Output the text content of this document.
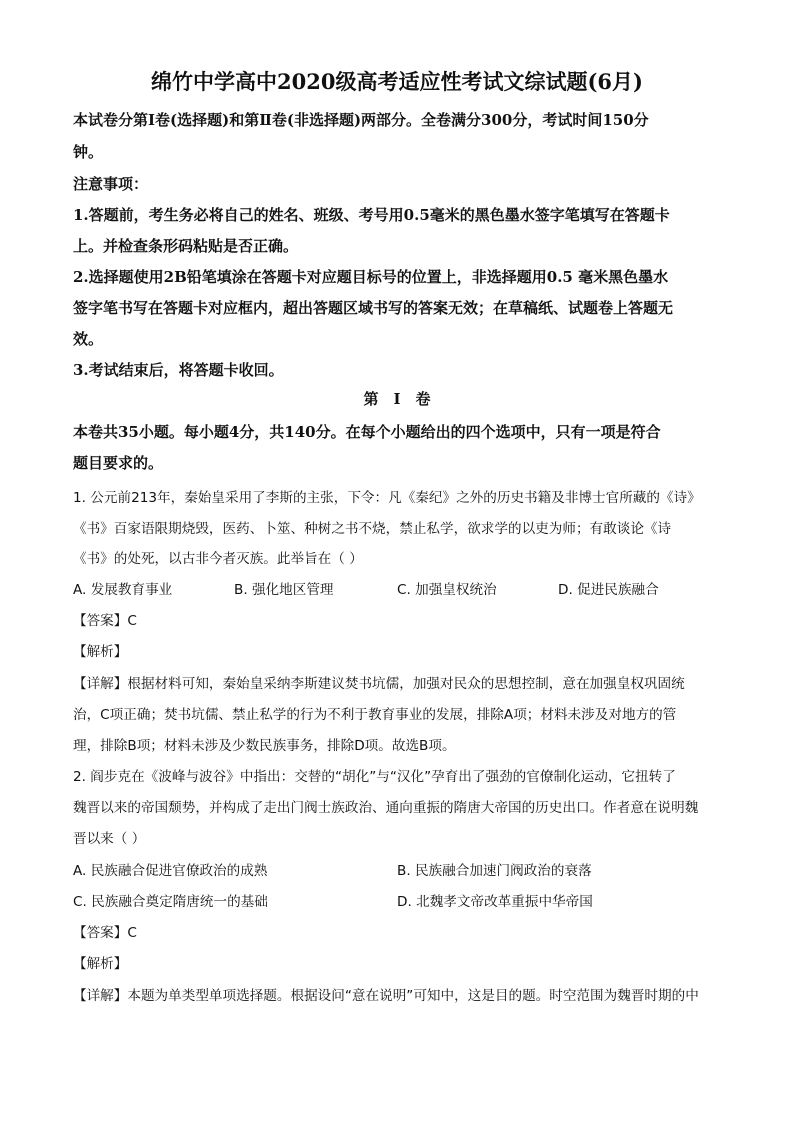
绵竹中学高中2020级高考适应性考试文综试题(6月)
本试卷分第Ⅰ卷(选择题)和第Ⅱ卷(非选择题)两部分。全卷满分300分，考试时间150分
钟。
注意事项：
1.答题前，考生务必将自己的姓名、班级、考号用0.5毫米的黑色墨水签字笔填写在答题卡
上。并检查条形码粘贴是否正确。
2.选择题使用2B铅笔填涂在答题卡对应题目标号的位置上，非选择题用0.5 毫米黑色墨水
签字笔书写在答题卡对应框内，超出答题区域书写的答案无效；在草稿纸、试题卷上答题无
效。
3.考试结束后，将答题卡收回。
第　Ⅰ　卷
本卷共35小题。每小题4分，共140分。在每个小题给出的四个选项中，只有一项是符合
题目要求的。
1. 公元前213年，秦始皇采用了李斯的主张，下令：凡《秦纪》之外的历史书籍及非博士官所藏的《诗》
《书》百家语限期烧毁，医药、卜筮、种树之书不烧，禁止私学，欲求学的以吏为师；有敢谈论《诗
《书》的处死，以古非今者灭族。此举旨在（ ）
A. 发展教育事业	B. 强化地区管理	C. 加强皇权统治	D. 促进民族融合
【答案】C
【解析】
【详解】根据材料可知，秦始皇采纳李斯建议焚书坑儒，加强对民众的思想控制，意在加强皇权巩固统
治，C项正确；焚书坑儒、禁止私学的行为不利于教育事业的发展，排除A项；材料未涉及对地方的管
理，排除B项；材料未涉及少数民族事务，排除D项。故选B项。
2. 阎步克在《波峰与波谷》中指出：交替的“胡化”与“汉化”孕育出了强劲的官僚制化运动，它扭转了
魏晋以来的帝国颓势，并构成了走出门阀士族政治、通向重振的隋唐大帝国的历史出口。作者意在说明魏
晋以来（ ）
A. 民族融合促进官僚政治的成熟	B. 民族融合加速门阀政治的衰落
C. 民族融合奠定隋唐统一的基础	D. 北魏孝文帝改革重振中华帝国
【答案】C
【解析】
【详解】本题为单类型单项选择题。根据设问“意在说明”可知中，这是目的题。时空范围为魏晋时期的中
